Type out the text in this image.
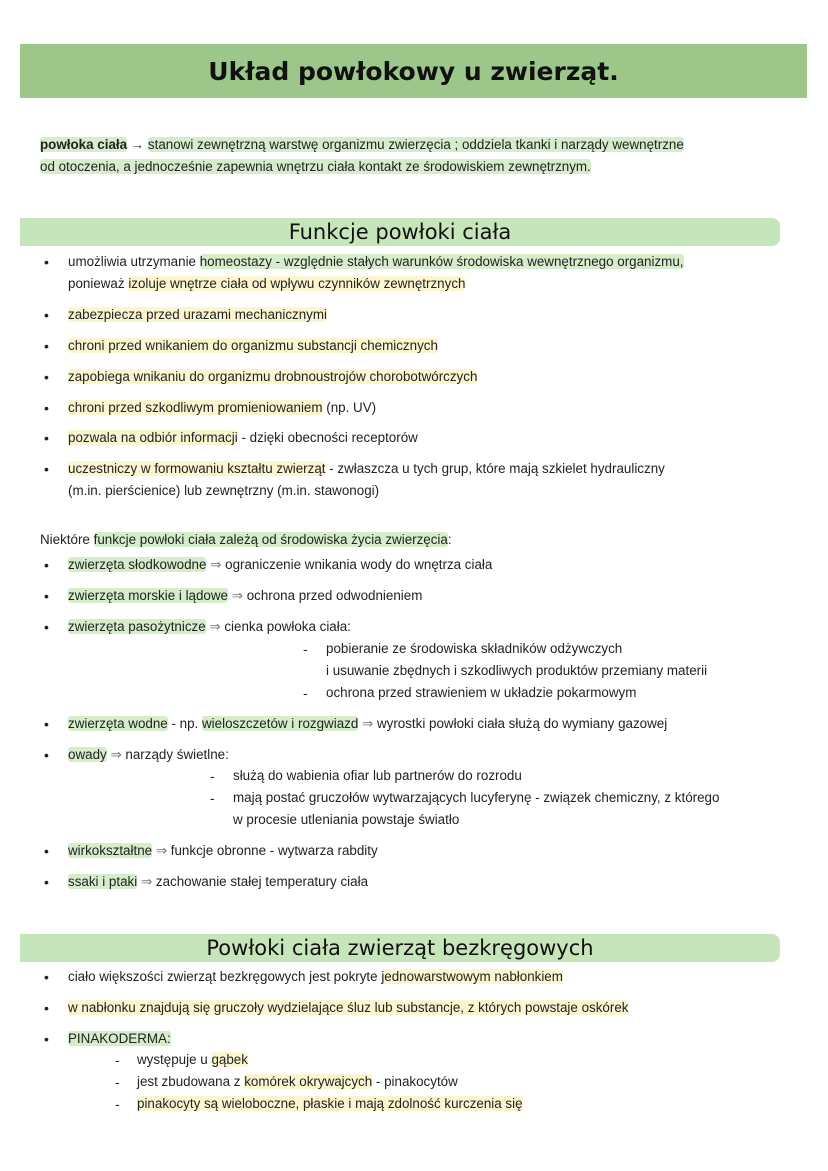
Układ powłokowy u zwierząt.
Funkcje powłoki ciała
Powłoki ciała zwierząt bezkręgowych
powłoka ciała → stanowi zewnętrzną warstwę organizmu zwierzęcia ; oddziela tkanki i narządy wewnętrzne
od otoczenia, a jednocześnie zapewnia wnętrzu ciała kontakt ze środowiskiem zewnętrznym.
• umożliwia utrzymanie homeostazy - względnie stałych warunków środowiska wewnętrznego organizmu,
ponieważ izoluje wnętrze ciała od wpływu czynników zewnętrznych
• zabezpiecza przed urazami mechanicznymi
• chroni przed wnikaniem do organizmu substancji chemicznych
• zapobiega wnikaniu do organizmu drobnoustrojów chorobotwórczych
• chroni przed szkodliwym promieniowaniem (np. UV)
• pozwala na odbiór informacji - dzięki obecności receptorów
• uczestniczy w formowaniu kształtu zwierząt - zwłaszcza u tych grup, które mają szkielet hydrauliczny
(m.in. pierścienice) lub zewnętrzny (m.in. stawonogi)
Niektóre funkcje powłoki ciała zależą od środowiska życia zwierzęcia:
• zwierzęta słodkowodne ⇒ ograniczenie wnikania wody do wnętrza ciała
• zwierzęta morskie i lądowe ⇒ ochrona przed odwodnieniem
• zwierzęta pasożytnicze ⇒ cienka powłoka ciała:
- pobieranie ze środowiska składników odżywczych
i usuwanie zbędnych i szkodliwych produktów przemiany materii
- ochrona przed strawieniem w układzie pokarmowym
• zwierzęta wodne - np. wieloszczetów i rozgwiazd ⇒ wyrostki powłoki ciała służą do wymiany gazowej
• owady ⇒ narządy świetlne:
- służą do wabienia ofiar lub partnerów do rozrodu
- mają postać gruczołów wytwarzających lucyferynę - związek chemiczny, z którego
w procesie utleniania powstaje światło
• wirkokształtne ⇒ funkcje obronne - wytwarza rabdity
• ssaki i ptaki ⇒ zachowanie stałej temperatury ciała
• ciało większości zwierząt bezkręgowych jest pokryte jednowarstwowym nabłonkiem
• w nabłonku znajdują się gruczoły wydzielające śluz lub substancje, z których powstaje oskórek
• PINAKODERMA:
- występuje u gąbek
- jest zbudowana z komórek okrywajcych - pinakocytów
- pinakocyty są wieloboczne, płaskie i mają zdolność kurczenia się
